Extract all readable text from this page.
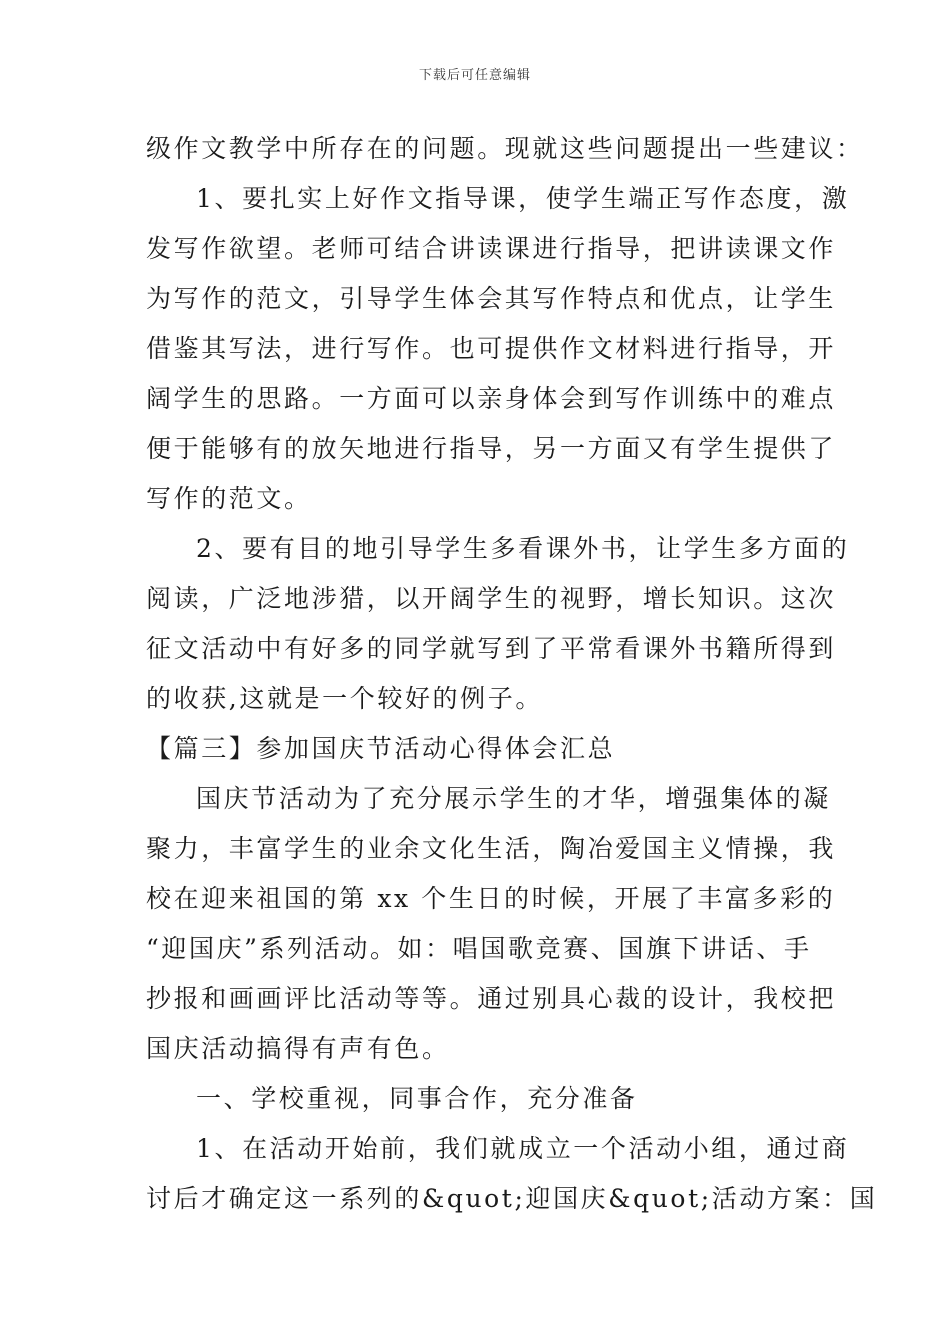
下载后可任意编辑
级作文教学中所存在的问题。现就这些问题提出一些建议：
1、要扎实上好作文指导课，使学生端正写作态度，激
发写作欲望。老师可结合讲读课进行指导，把讲读课文作
为写作的范文，引导学生体会其写作特点和优点，让学生
借鉴其写法，进行写作。也可提供作文材料进行指导，开
阔学生的思路。一方面可以亲身体会到写作训练中的难点
便于能够有的放矢地进行指导，另一方面又有学生提供了
写作的范文。
2、要有目的地引导学生多看课外书，让学生多方面的
阅读，广泛地涉猎，以开阔学生的视野，增长知识。这次
征文活动中有好多的同学就写到了平常看课外书籍所得到
的收获,这就是一个较好的例子。
【篇三】参加国庆节活动心得体会汇总
国庆节活动为了充分展示学生的才华，增强集体的凝
聚力，丰富学生的业余文化生活，陶冶爱国主义情操，我
校在迎来祖国的第 xx 个生日的时候，开展了丰富多彩的
“迎国庆”系列活动。如：唱国歌竞赛、国旗下讲话、手
抄报和画画评比活动等等。通过别具心裁的设计，我校把
国庆活动搞得有声有色。
一、学校重视，同事合作，充分准备
1、在活动开始前，我们就成立一个活动小组，通过商
讨后才确定这一系列的&quot;迎国庆&quot;活动方案：国
